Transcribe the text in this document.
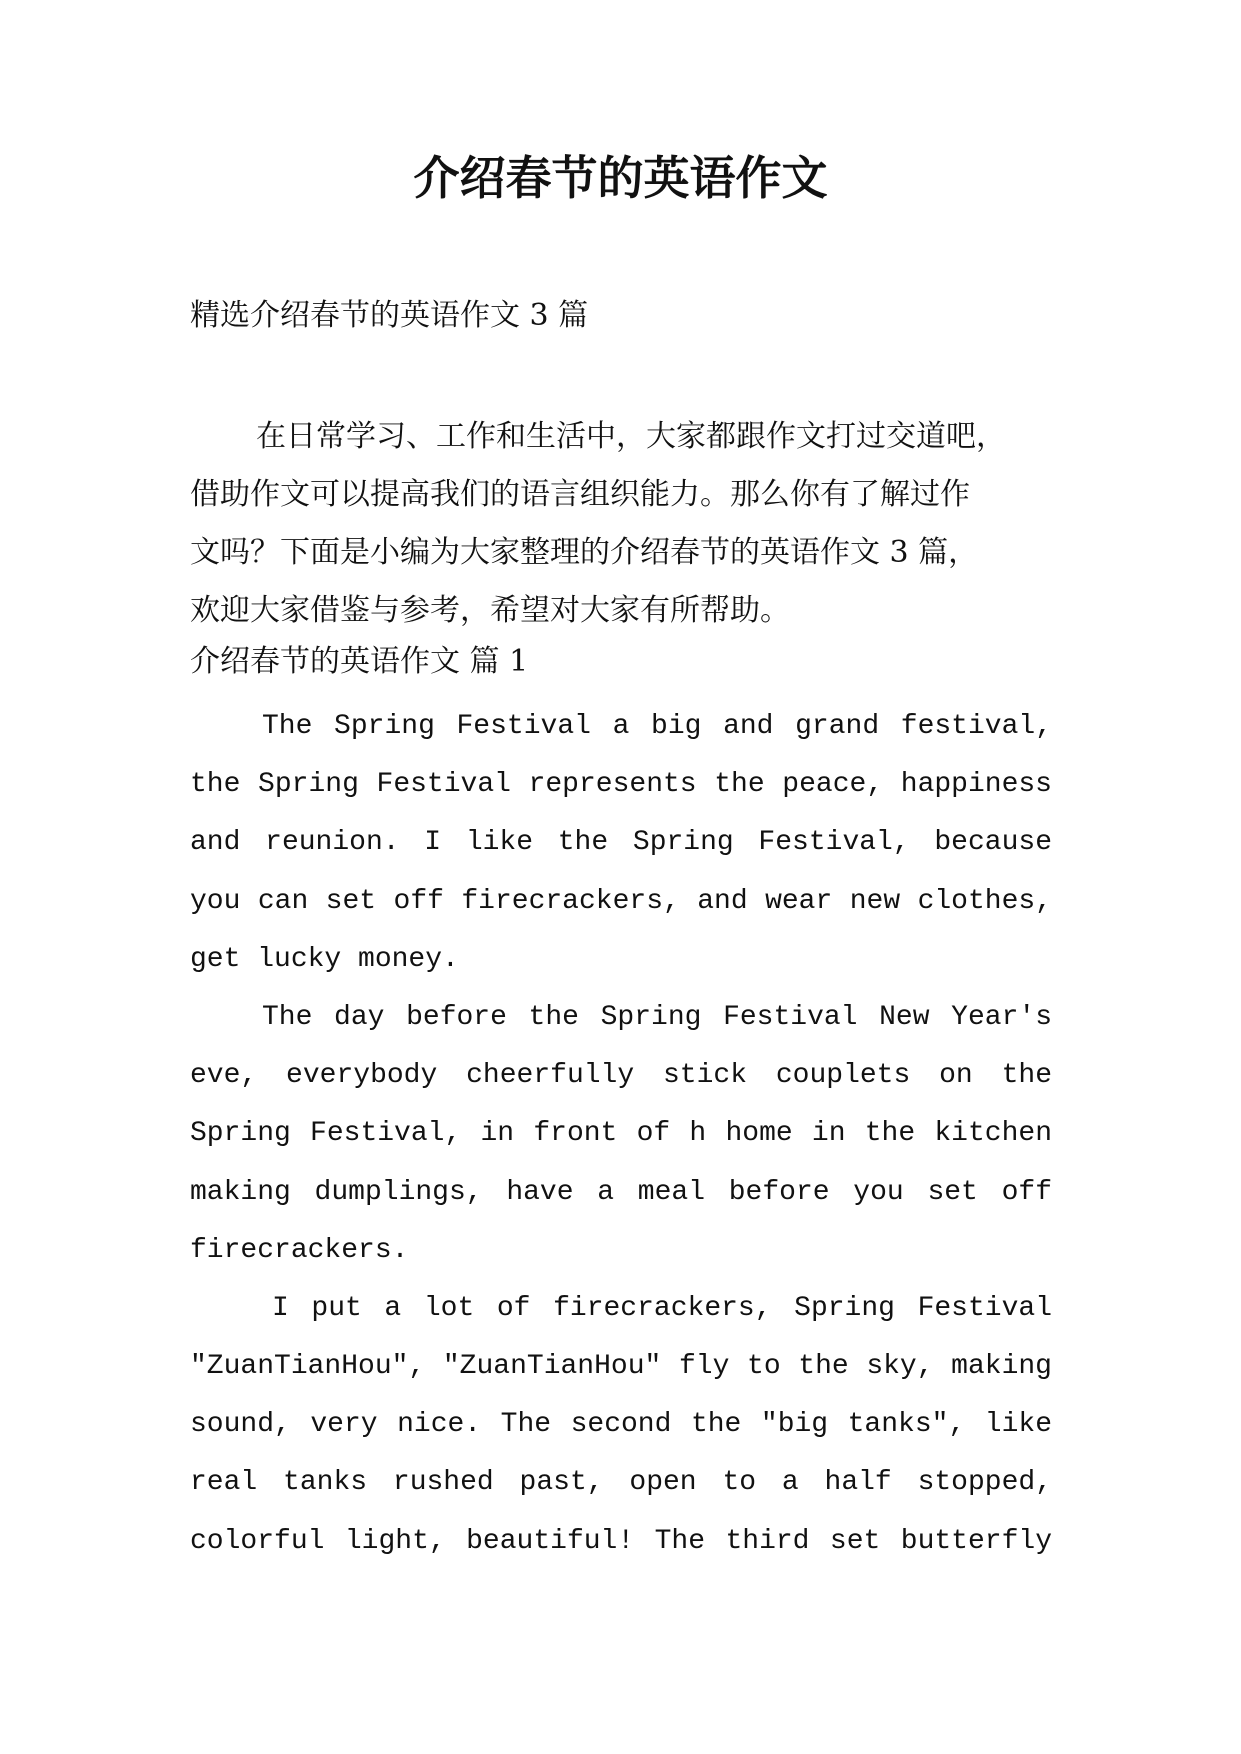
介绍春节的英语作文

精选介绍春节的英语作文 3 篇

在日常学习、工作和生活中，大家都跟作文打过交道吧，
借助作文可以提高我们的语言组织能力。那么你有了解过作
文吗？下面是小编为大家整理的介绍春节的英语作文 3 篇，
欢迎大家借鉴与参考，希望对大家有所帮助。

介绍春节的英语作文 篇 1

The Spring Festival a big and grand festival,
the Spring Festival represents the peace, happiness
and reunion. I like the Spring Festival, because
you can set off firecrackers, and wear new clothes,
get lucky money.
The day before the Spring Festival New Year's
eve, everybody cheerfully stick couplets on the
Spring Festival, in front of h home in the kitchen
making dumplings, have a meal before you set off
firecrackers.
I put a lot of firecrackers, Spring Festival
"ZuanTianHou", "ZuanTianHou" fly to the sky, making
sound, very nice. The second the "big tanks", like
real tanks rushed past, open to a half stopped,
colorful light, beautiful! The third set butterfly
